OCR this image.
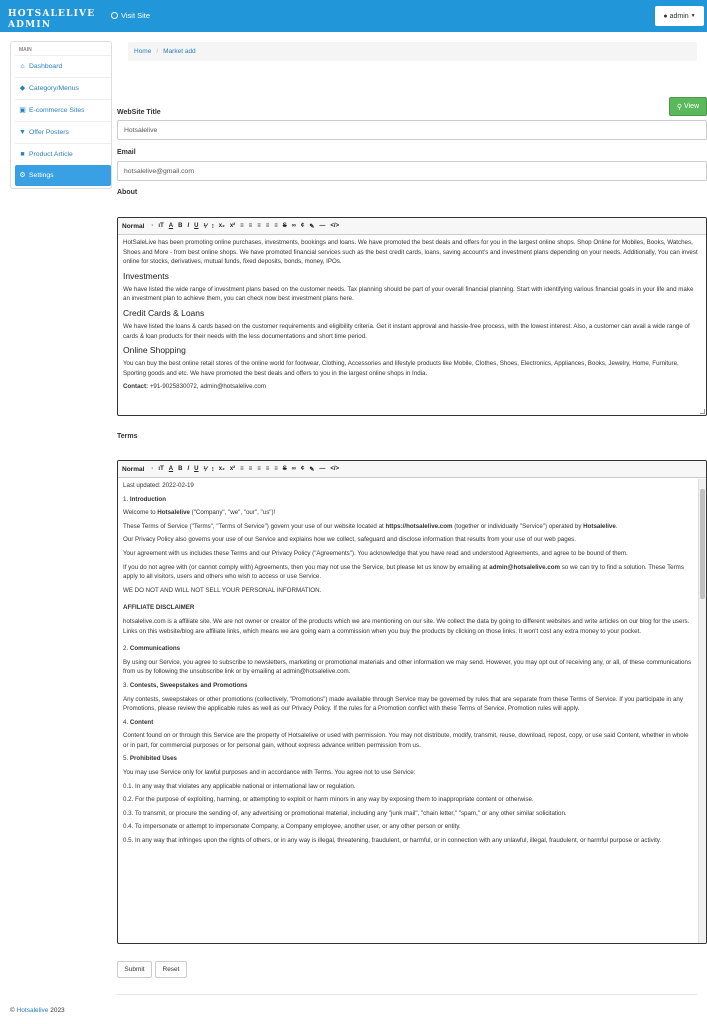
HOTSALELIVE
ADMIN
Visit Site	● admin ▼
MAIN
⌂ Dashboard
◆ Category/Menus
▣ E-commerce Sites
▼ Offer Posters
■ Product Article
⚙ Settings
Home / Market add
⚲ View
WebSite Title
Hotsalelive
Email
hotsalelive@gmail.com
About
Normal · ιT A B I U ⅟ ⁝ x₂ x² ≡ ≡ ≡ ≡ ≡ S ∞ ¢ ✎ — </>

HotSaleLive has been promoting online purchases, investments, bookings and loans. We have promoted the best deals and offers for you in the largest online shops. Shop Online for Mobiles, Books, Watches, Shoes and More - from best online shops. We have promoted financial services such as the best credit cards, loans, saving account's and investment plans depending on your needs. Additionally, You can invest online for stocks, derivatives, mutual funds, fixed deposits, bonds, money, IPOs.

Investments

We have listed the wide range of investment plans based on the customer needs. Tax planning should be part of your overall financial planning. Start with identifying various financial goals in your life and make an investment plan to achieve them, you can check now best investment plans here.

Credit Cards & Loans

We have listed the loans & cards based on the customer requirements and eligibility criteria. Get it instant approval and hassle-free process, with the lowest interest. Also, a customer can avail a wide range of cards & loan products for their needs with the less documentations and short time period.

Online Shopping

You can buy the best online retail stores of the online world for footwear, Clothing, Accessories and lifestyle products like Mobile, Clothes, Shoes, Electronics, Appliances, Books, Jewelry, Home, Furniture, Sporting goods and etc. We have promoted the best deals and offers to you in the largest online shops in India.

Contact: +91-9025830072, admin@hotsalelive.com

Terms
Normal · ιT A B I U ⅟ ⁝ x₂ x² ≡ ≡ ≡ ≡ ≡ S ∞ ¢ ✎ — </>

Last updated: 2022-02-19

1. Introduction

Welcome to Hotsalelive ("Company", "we", "our", "us")!

These Terms of Service ("Terms", "Terms of Service") govern your use of our website located at https://hotsalelive.com (together or individually "Service") operated by Hotsalelive.

Our Privacy Policy also governs your use of our Service and explains how we collect, safeguard and disclose information that results from your use of our web pages.

Your agreement with us includes these Terms and our Privacy Policy ("Agreements"). You acknowledge that you have read and understood Agreements, and agree to be bound of them.

If you do not agree with (or cannot comply with) Agreements, then you may not use the Service, but please let us know by emailing at admin@hotsalelive.com so we can try to find a solution. These Terms apply to all visitors, users and others who wish to access or use Service.

WE DO NOT AND WILL NOT SELL YOUR PERSONAL INFORMATION.

AFFILIATE DISCLAIMER

hotsalelive.com is a affiliate site. We are not owner or creator of the products which we are mentioning on our site. We collect the data by going to different websites and write articles on our blog for the users. Links on this website/blog are affiliate links, which means we are going earn a commission when you buy the products by clicking on those links. It won't cost any extra money to your pocket.

2. Communications

By using our Service, you agree to subscribe to newsletters, marketing or promotional materials and other information we may send. However, you may opt out of receiving any, or all, of these communications from us by following the unsubscribe link or by emailing at admin@hotsalelive.com.

3. Contests, Sweepstakes and Promotions

Any contests, sweepstakes or other promotions (collectively, "Promotions") made available through Service may be governed by rules that are separate from these Terms of Service. If you participate in any Promotions, please review the applicable rules as well as our Privacy Policy. If the rules for a Promotion conflict with these Terms of Service, Promotion rules will apply.

4. Content

Content found on or through this Service are the property of Hotsalelive or used with permission. You may not distribute, modify, transmit, reuse, download, repost, copy, or use said Content, whether in whole or in part, for commercial purposes or for personal gain, without express advance written permission from us.

5. Prohibited Uses

You may use Service only for lawful purposes and in accordance with Terms. You agree not to use Service:

0.1. In any way that violates any applicable national or international law or regulation.

0.2. For the purpose of exploiting, harming, or attempting to exploit or harm minors in any way by exposing them to inappropriate content or otherwise.

0.3. To transmit, or procure the sending of, any advertising or promotional material, including any "junk mail", "chain letter," "spam," or any other similar solicitation.

0.4. To impersonate or attempt to impersonate Company, a Company employee, another user, or any other person or entity.

0.5. In any way that infringes upon the rights of others, or in any way is illegal, threatening, fraudulent, or harmful, or in connection with any unlawful, illegal, fraudulent, or harmful purpose or activity.

Submit	Reset
© Hotsalelive 2023
